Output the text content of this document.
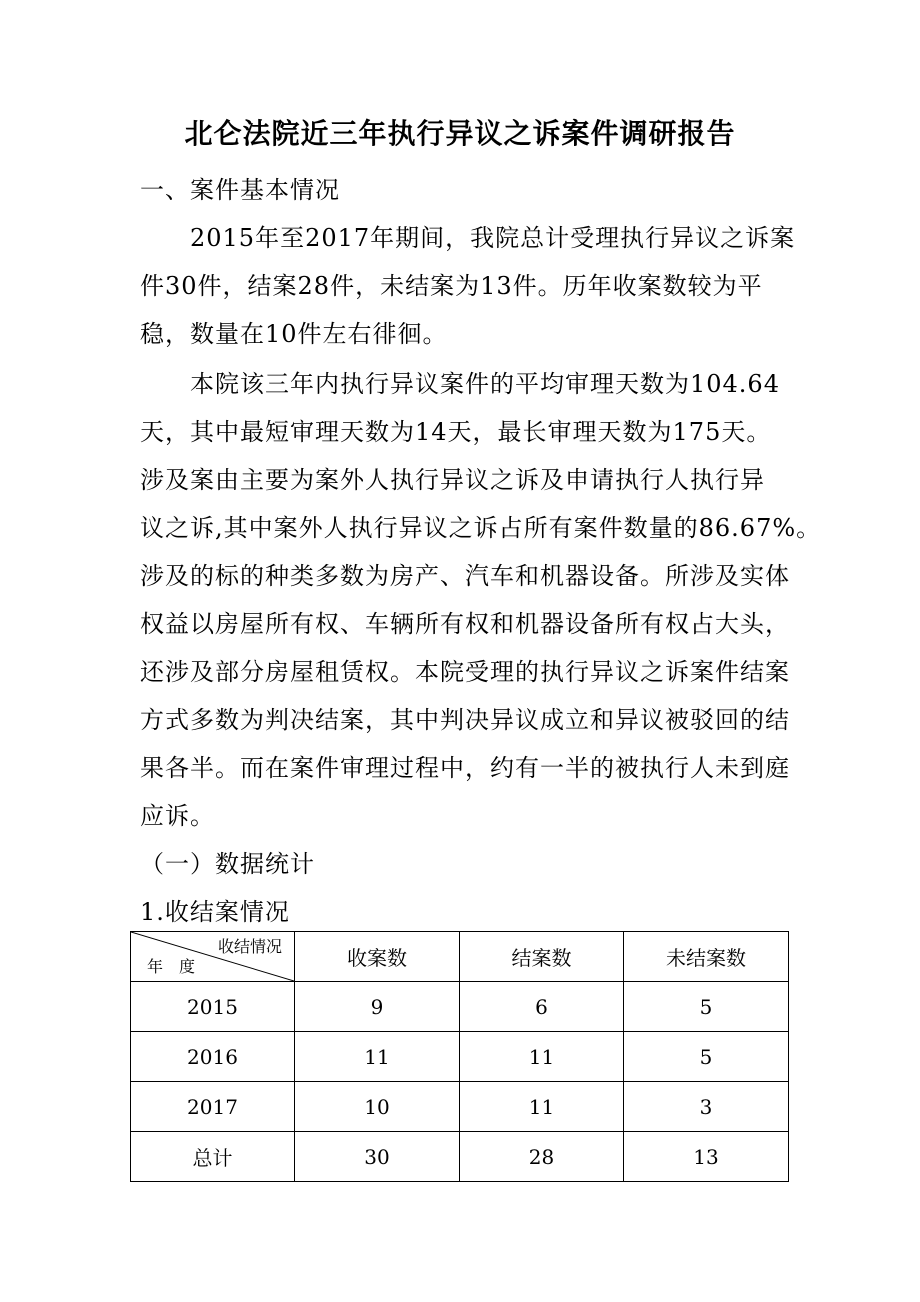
北仑法院近三年执行异议之诉案件调研报告
一、案件基本情况
　　2015年至2017年期间，我院总计受理执行异议之诉案
件30件，结案28件，未结案为13件。历年收案数较为平
稳，数量在10件左右徘徊。
　　本院该三年内执行异议案件的平均审理天数为104.64
天，其中最短审理天数为14天，最长审理天数为175天。
涉及案由主要为案外人执行异议之诉及申请执行人执行异
议之诉,其中案外人执行异议之诉占所有案件数量的86.67%。
涉及的标的种类多数为房产、汽车和机器设备。所涉及实体
权益以房屋所有权、车辆所有权和机器设备所有权占大头，
还涉及部分房屋租赁权。本院受理的执行异议之诉案件结案
方式多数为判决结案，其中判决异议成立和异议被驳回的结
果各半。而在案件审理过程中，约有一半的被执行人未到庭
应诉。
（一）数据统计
1.收结案情况
收结情况
年　度	收案数	结案数	未结案数
2015	9	6	5
2016	11	11	5
2017	10	11	3
总计	30	28	13
